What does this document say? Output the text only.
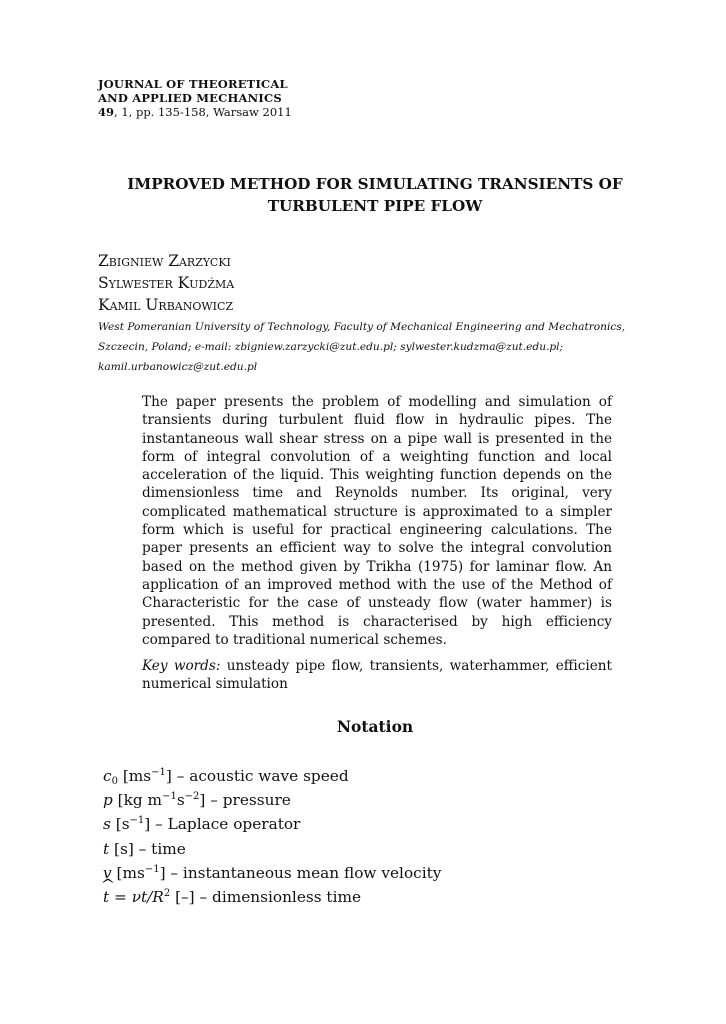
JOURNAL OF THEORETICAL
AND APPLIED MECHANICS
49, 1, pp. 135-158, Warsaw 2011
IMPROVED METHOD FOR SIMULATING TRANSIENTS OF
TURBULENT PIPE FLOW
Zbigniew Zarzycki
Sylwester Kudźma
Kamil Urbanowicz
West Pomeranian University of Technology, Faculty of Mechanical Engineering and Mechatronics,
Szczecin, Poland; e-mail: zbigniew.zarzycki@zut.edu.pl; sylwester.kudzma@zut.edu.pl;
kamil.urbanowicz@zut.edu.pl

The paper presents the problem of modelling and simulation of transients during turbulent fluid flow in hydraulic pipes. The instantaneous wall shear stress on a pipe wall is presented in the form of integral convolution of a weighting function and local acceleration of the liquid. This weighting function depends on the dimensionless time and Reynolds number. Its original, very complicated mathematical structure is approximated to a simpler form which is useful for practical engineering calculations. The paper presents an efficient way to solve the integral convolution based on the method given by Trikha (1975) for laminar flow. An application of an improved method with the use of the Method of Characteristic for the case of unsteady flow (water hammer) is presented. This method is characterised by high efficiency compared to traditional numerical schemes.

Key words: unsteady pipe flow, transients, waterhammer, efficient numerical simulation

Notation
$c_0$ $[ms^{-1}]$ – acoustic wave speed
p [kg $m^{-1}s^{-2}$] – pressure
s $[s^{-1}]$ – Laplace operator
t [s] – time
v $[ms^{-1}]$ – instantaneous mean flow velocity
^ $t = \nu t/R^2$ [–] – dimensionless time
